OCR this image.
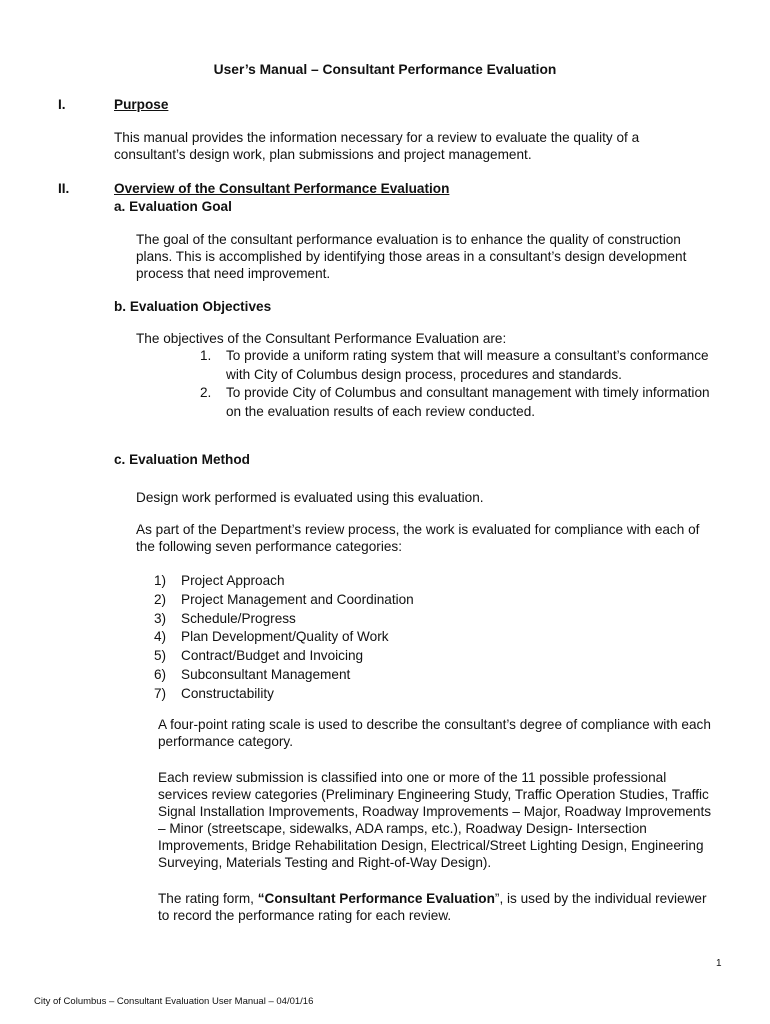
User’s Manual – Consultant Performance Evaluation
I.	Purpose
This manual provides the information necessary for a review to evaluate the quality of a
consultant’s design work, plan submissions and project management.
II.	Overview of the Consultant Performance Evaluation
a. Evaluation Goal
The goal of the consultant performance evaluation is to enhance the quality of construction
plans. This is accomplished by identifying those areas in a consultant’s design development
process that need improvement.
b. Evaluation Objectives
The objectives of the Consultant Performance Evaluation are:
1. To provide a uniform rating system that will measure a consultant’s conformance
with City of Columbus design process, procedures and standards.
2. To provide City of Columbus and consultant management with timely information
on the evaluation results of each review conducted.
c. Evaluation Method
Design work performed is evaluated using this evaluation.
As part of the Department’s review process, the work is evaluated for compliance with each of
the following seven performance categories:
1) Project Approach
2) Project Management and Coordination
3) Schedule/Progress
4) Plan Development/Quality of Work
5) Contract/Budget and Invoicing
6) Subconsultant Management
7) Constructability
A four-point rating scale is used to describe the consultant’s degree of compliance with each
performance category.
Each review submission is classified into one or more of the 11 possible professional
services review categories (Preliminary Engineering Study, Traffic Operation Studies, Traffic
Signal Installation Improvements, Roadway Improvements – Major, Roadway Improvements
– Minor (streetscape, sidewalks, ADA ramps, etc.), Roadway Design- Intersection
Improvements, Bridge Rehabilitation Design, Electrical/Street Lighting Design, Engineering
Surveying, Materials Testing and Right-of-Way Design).
The rating form, “Consultant Performance Evaluation”, is used by the individual reviewer
to record the performance rating for each review.
1
City of Columbus – Consultant Evaluation User Manual – 04/01/16
